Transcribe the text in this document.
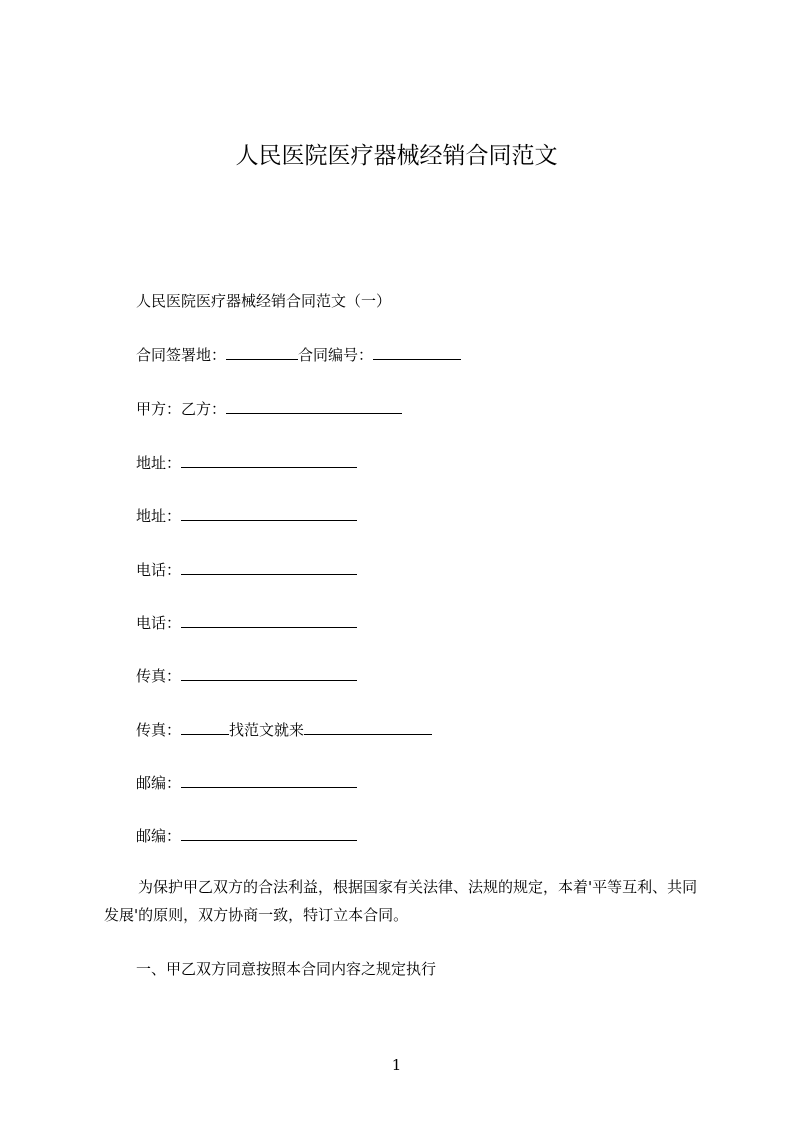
人民医院医疗器械经销合同范文
人民医院医疗器械经销合同范文（一）
合同签署地：	合同编号：
甲方：乙方：
地址：
地址：
电话：
电话：
传真：
传真：	找范文就来
邮编：
邮编：
为保护甲乙双方的合法利益，根据国家有关法律、法规的规定，本着'平等互利、共同发展'的原则，双方协商一致，特订立本合同。
一、甲乙双方同意按照本合同内容之规定执行
1
